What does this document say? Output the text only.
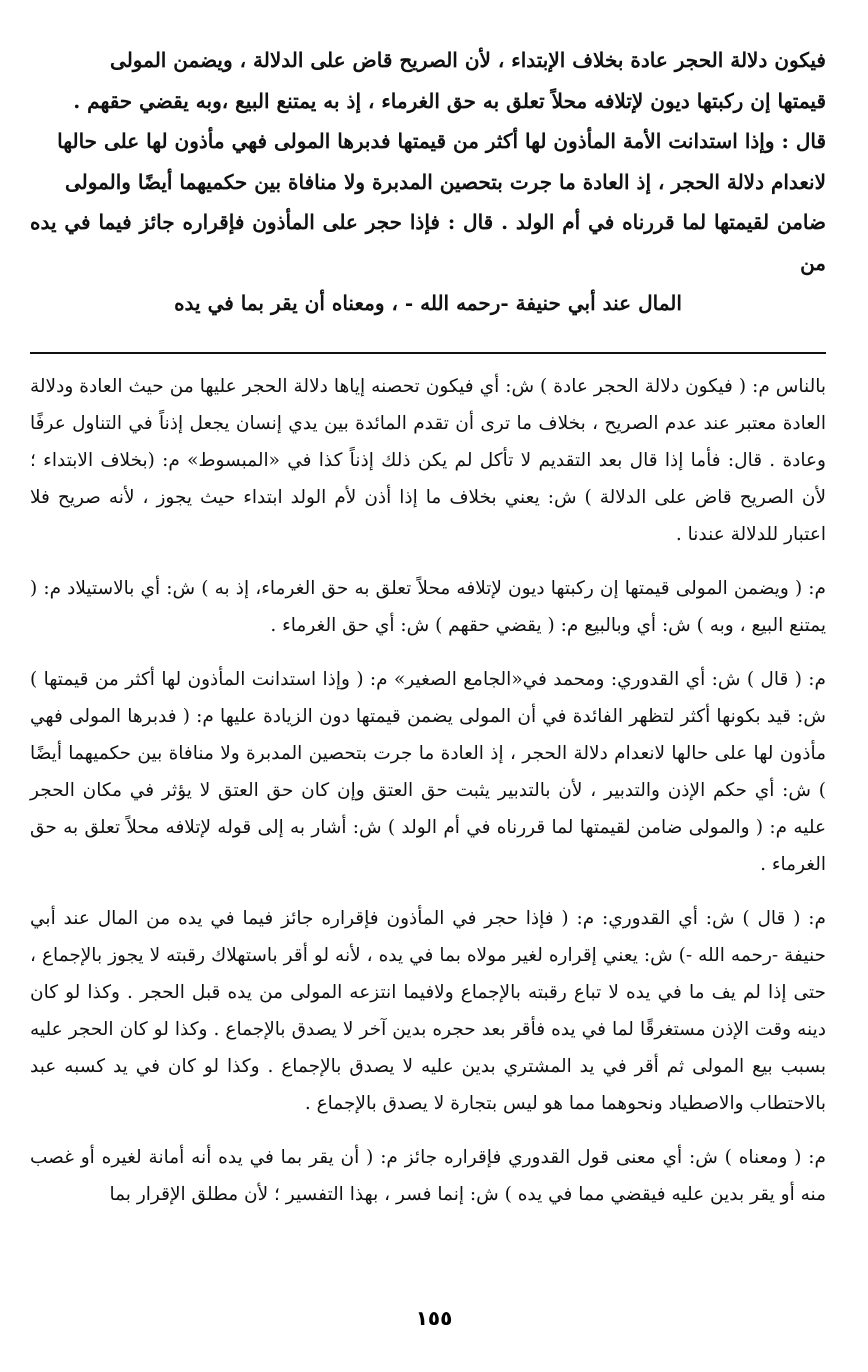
فيكون دلالة الحجر عادة بخلاف الإبتداء ، لأن الصريح قاض على الدلالة ، ويضمن المولى
قيمتها إن ركبتها ديون لإتلافه محلاً تعلق به حق الغرماء ، إذ به يمتنع البيع ،وبه يقضي حقهم .
قال : وإذا استدانت الأمة المأذون لها أكثر من قيمتها فدبرها المولى فهي مأذون لها على حالها
لانعدام دلالة الحجر ، إذ العادة ما جرت بتحصين المدبرة ولا منافاة بين حكميهما أيضًا والمولى
ضامن لقيمتها لما قررناه في أم الولد . قال : فإذا حجر على المأذون فإقراره جائز فيما في يده من
المال عند أبي حنيفة -رحمه الله - ، ومعناه أن يقر بما في يده

بالناس م: ( فيكون دلالة الحجر عادة ) ش: أي فيكون تحصنه إياها دلالة الحجر عليها من حيث العادة ودلالة العادة معتبر عند عدم الصريح ، بخلاف ما ترى أن تقدم المائدة بين يدي إنسان يجعل إذناً في التناول عرفًا وعادة . قال: فأما إذا قال بعد التقديم لا تأكل لم يكن ذلك إذناً كذا في «المبسوط» م: (بخلاف الابتداء ؛ لأن الصريح قاض على الدلالة ) ش: يعني بخلاف ما إذا أذن لأم الولد ابتداء حيث يجوز ، لأنه صريح فلا اعتبار للدلالة عندنا .

م: ( ويضمن المولى قيمتها إن ركبتها ديون لإتلافه محلاً تعلق به حق الغرماء، إذ به ) ش: أي بالاستيلاد م: ( يمتنع البيع ، وبه ) ش: أي وبالبيع م: ( يقضي حقهم ) ش: أي حق الغرماء .

م: ( قال ) ش: أي القدوري: ومحمد في«الجامع الصغير» م: ( وإذا استدانت المأذون لها أكثر من قيمتها ) ش: قيد بكونها أكثر لتظهر الفائدة في أن المولى يضمن قيمتها دون الزيادة عليها م: ( فدبرها المولى فهي مأذون لها على حالها لانعدام دلالة الحجر ، إذ العادة ما جرت بتحصين المدبرة ولا منافاة بين حكميهما أيضًا ) ش: أي حكم الإذن والتدبير ، لأن بالتدبير يثبت حق العتق وإن كان حق العتق لا يؤثر في مكان الحجر عليه م: ( والمولى ضامن لقيمتها لما قررناه في أم الولد ) ش: أشار به إلى قوله لإتلافه محلاً تعلق به حق الغرماء .

م: ( قال ) ش: أي القدوري: م: ( فإذا حجر في المأذون فإقراره جائز فيما في يده من المال عند أبي حنيفة -رحمه الله -) ش: يعني إقراره لغير مولاه بما في يده ، لأنه لو أقر باستهلاك رقبته لا يجوز بالإجماع ، حتى إذا لم يف ما في يده لا تباع رقبته بالإجماع ولافيما انتزعه المولى من يده قبل الحجر . وكذا لو كان دينه وقت الإذن مستغرقًا لما في يده فأقر بعد حجره بدين آخر لا يصدق بالإجماع . وكذا لو كان الحجر عليه بسبب بيع المولى ثم أقر في يد المشتري بدين عليه لا يصدق بالإجماع . وكذا لو كان في يد كسبه عبد بالاحتطاب والاصطياد ونحوهما مما هو ليس بتجارة لا يصدق بالإجماع .

م: ( ومعناه ) ش: أي معنى قول القدوري فإقراره جائز م: ( أن يقر بما في يده أنه أمانة لغيره أو غصب منه أو يقر بدين عليه فيقضي مما في يده ) ش: إنما فسر ، بهذا التفسير ؛ لأن مطلق الإقرار بما

١٥٥
